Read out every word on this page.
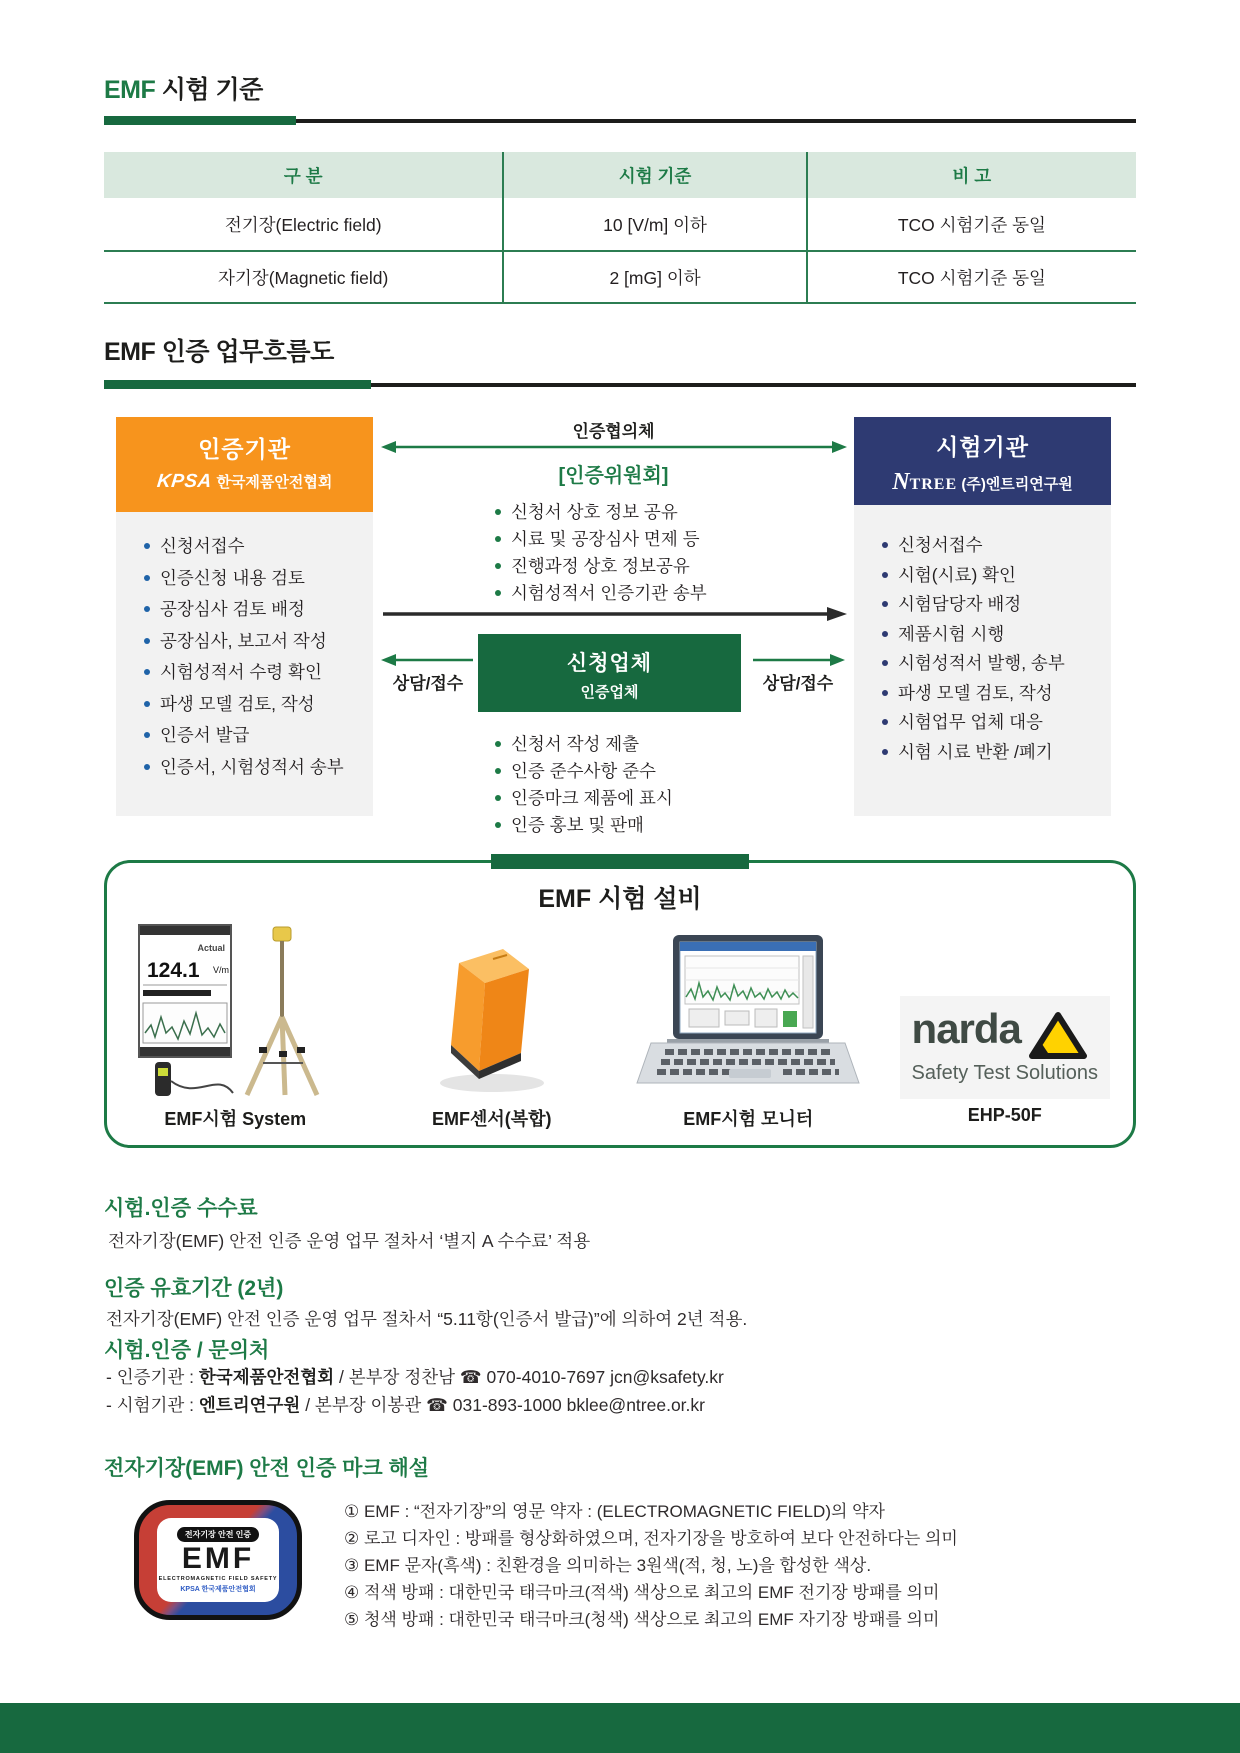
EMF 시험 기준
구 분	시험 기준	비 고
전기장(Electric field)	10 [V/m] 이하	TCO 시험기준 동일
자기장(Magnetic field)	2 [mG] 이하	TCO 시험기준 동일
EMF 인증 업무흐름도
인증기관
KPSA 한국제품안전협회
신청서접수
인증신청 내용 검토
공장심사 검토 배정
공장심사, 보고서 작성
시험성적서 수령 확인
파생 모델 검토, 작성
인증서 발급
인증서, 시험성적서 송부
시험기관
NTREE (주)엔트리연구원
신청서접수
시험(시료) 확인
시험담당자 배정
제품시험 시행
시험성적서 발행, 송부
파생 모델 검토, 작성
시험업무 업체 대응
시험 시료 반환 /폐기
인증협의체
[인증위원회]
신청서 상호 정보 공유
시료 및 공장심사 면제 등
진행과정 상호 정보공유
시험성적서 인증기관 송부
신청업체
인증업체
상담/접수	상담/접수
신청서 작성 제출
인증 준수사항 준수
인증마크 제품에 표시
인증 홍보 및 판매
EMF 시험 설비
Actual
124.1 V/m
EMF시험 System	EMF센서(복합)	EMF시험 모니터
narda
Safety Test Solutions
EHP-50F
시험.인증 수수료
전자기장(EMF) 안전 인증 운영 업무 절차서 ‘별지 A 수수료’ 적용
인증 유효기간 (2년)
전자기장(EMF) 안전 인증 운영 업무 절차서 “5.11항(인증서 발급)”에 의하여 2년 적용.
시험.인증 / 문의처
- 인증기관 : 한국제품안전협회 / 본부장 정찬남 ☎ 070-4010-7697 jcn@ksafety.kr
- 시험기관 : 엔트리연구원 / 본부장 이봉관 ☎ 031-893-1000 bklee@ntree.or.kr
전자기장(EMF) 안전 인증 마크 해설
전자기장 안전 인증
EMF
ELECTROMAGNETIC FIELD SAFETY
KPSA 한국제품안전협회
① EMF : “전자기장”의 영문 약자 : (ELECTROMAGNETIC FIELD)의 약자
② 로고 디자인 : 방패를 형상화하였으며, 전자기장을 방호하여 보다 안전하다는 의미
③ EMF 문자(흑색) : 친환경을 의미하는 3원색(적, 청, 노)을 합성한 색상.
④ 적색 방패 : 대한민국 태극마크(적색) 색상으로 최고의 EMF 전기장 방패를 의미
⑤ 청색 방패 : 대한민국 태극마크(청색) 색상으로 최고의 EMF 자기장 방패를 의미
